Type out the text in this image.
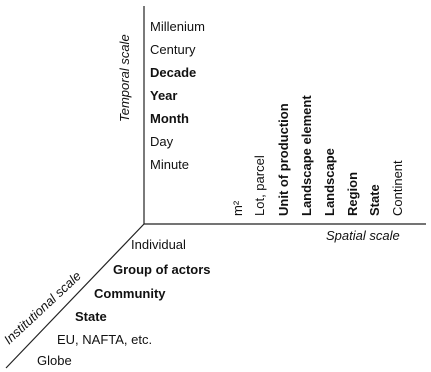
Temporal scale
Spatial scale
Institutional scale
Millenium
Century
Decade
Year
Month
Day
Minute
m² Lot, parcel Unit of production Landscape element Landscape Region State Continent
Individual
Group of actors
Community
State
EU, NAFTA, etc.
Globe
